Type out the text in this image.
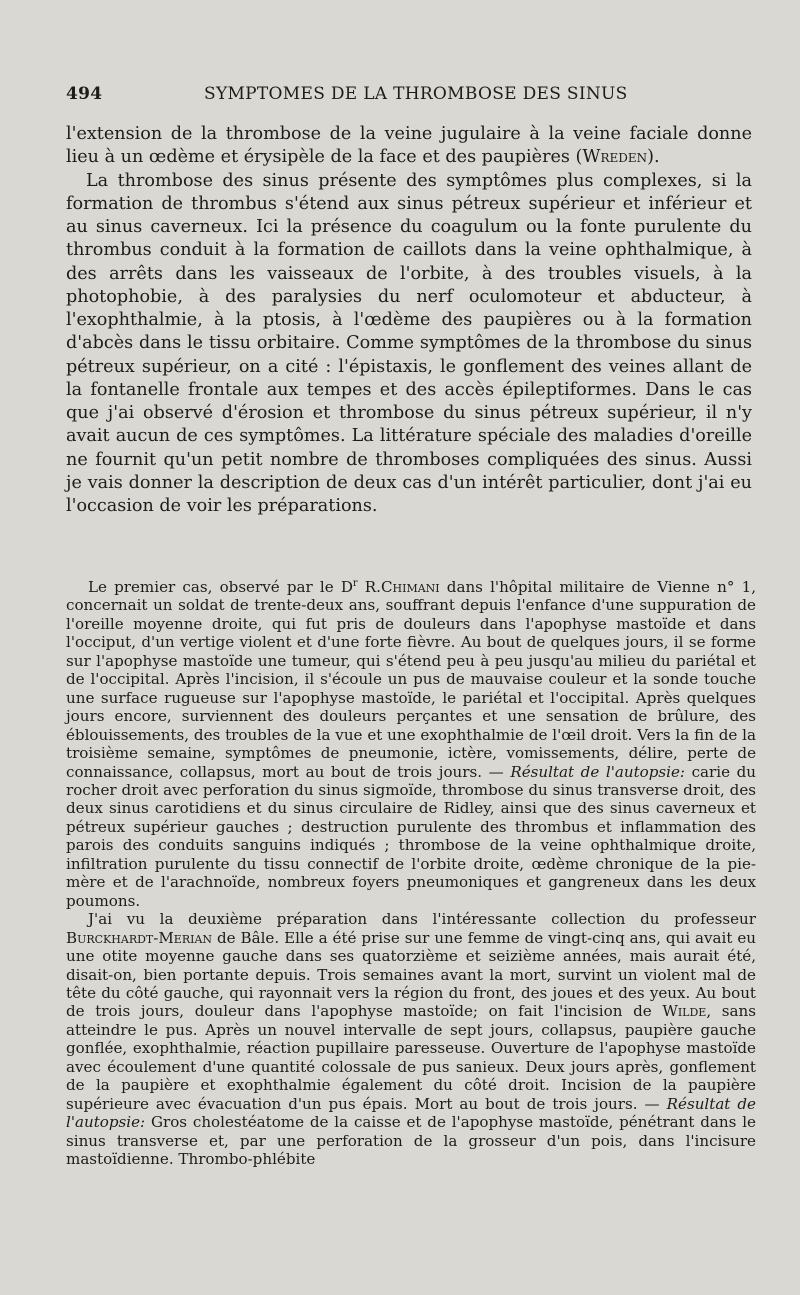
494	SYMPTOMES DE LA THROMBOSE DES SINUS

l'extension de la thrombose de la veine jugulaire à la veine faciale donne lieu à un œdème et érysipèle de la face et des paupières (Wreden).

La thrombose des sinus présente des symptômes plus complexes, si la formation de thrombus s'étend aux sinus pétreux supérieur et inférieur et au sinus caverneux. Ici la présence du coagulum ou la fonte purulente du thrombus conduit à la formation de caillots dans la veine ophthalmique, à des arrêts dans les vaisseaux de l'orbite, à des troubles visuels, à la photophobie, à des paralysies du nerf oculomoteur et abducteur, à l'exophthalmie, à la ptosis, à l'œdème des paupières ou à la formation d'abcès dans le tissu orbitaire. Comme symptômes de la thrombose du sinus pétreux supérieur, on a cité : l'épistaxis, le gonflement des veines allant de la fontanelle frontale aux tempes et des accès épileptiformes. Dans le cas que j'ai observé d'érosion et thrombose du sinus pétreux supérieur, il n'y avait aucun de ces symptômes. La littérature spéciale des maladies d'oreille ne fournit qu'un petit nombre de thromboses compliquées des sinus. Aussi je vais donner la description de deux cas d'un intérêt particulier, dont j'ai eu l'occasion de voir les préparations.

Le premier cas, observé par le $D^r$ R.Chimani dans l'hôpital militaire de Vienne n° 1, concernait un soldat de trente-deux ans, souffrant depuis l'enfance d'une suppuration de l'oreille moyenne droite, qui fut pris de douleurs dans l'apophyse mastoïde et dans l'occiput, d'un vertige violent et d'une forte fièvre. Au bout de quelques jours, il se forme sur l'apophyse mastoïde une tumeur, qui s'étend peu à peu jusqu'au milieu du pariétal et de l'occipital. Après l'incision, il s'écoule un pus de mauvaise couleur et la sonde touche une surface rugueuse sur l'apophyse mastoïde, le pariétal et l'occipital. Après quelques jours encore, surviennent des douleurs perçantes et une sensation de brûlure, des éblouissements, des troubles de la vue et une exophthalmie de l'œil droit. Vers la fin de la troisième semaine, symptômes de pneumonie, ictère, vomissements, délire, perte de connaissance, collapsus, mort au bout de trois jours. — Résultat de l'autopsie: carie du rocher droit avec perforation du sinus sigmoïde, thrombose du sinus transverse droit, des deux sinus carotidiens et du sinus circulaire de Ridley, ainsi que des sinus caverneux et pétreux supérieur gauches ; destruction purulente des thrombus et inflammation des parois des conduits sanguins indiqués ; thrombose de la veine ophthalmique droite, infiltration purulente du tissu connectif de l'orbite droite, œdème chronique de la pie-mère et de l'arachnoïde, nombreux foyers pneumoniques et gangreneux dans les deux poumons.

J'ai vu la deuxième préparation dans l'intéressante collection du professeur Burckhardt-Merian de Bâle. Elle a été prise sur une femme de vingt-cinq ans, qui avait eu une otite moyenne gauche dans ses quatorzième et seizième années, mais aurait été, disait-on, bien portante depuis. Trois semaines avant la mort, survint un violent mal de tête du côté gauche, qui rayonnait vers la région du front, des joues et des yeux. Au bout de trois jours, douleur dans l'apophyse mastoïde; on fait l'incision de Wilde, sans atteindre le pus. Après un nouvel intervalle de sept jours, collapsus, paupière gauche gonflée, exophthalmie, réaction pupillaire paresseuse. Ouverture de l'apophyse mastoïde avec écoulement d'une quantité colossale de pus sanieux. Deux jours après, gonflement de la paupière et exophthalmie également du côté droit. Incision de la paupière supérieure avec évacuation d'un pus épais. Mort au bout de trois jours. — Résultat de l'autopsie: Gros cholestéatome de la caisse et de l'apophyse mastoïde, pénétrant dans le sinus transverse et, par une perforation de la grosseur d'un pois, dans l'incisure mastoïdienne. Thrombo-phlébite
